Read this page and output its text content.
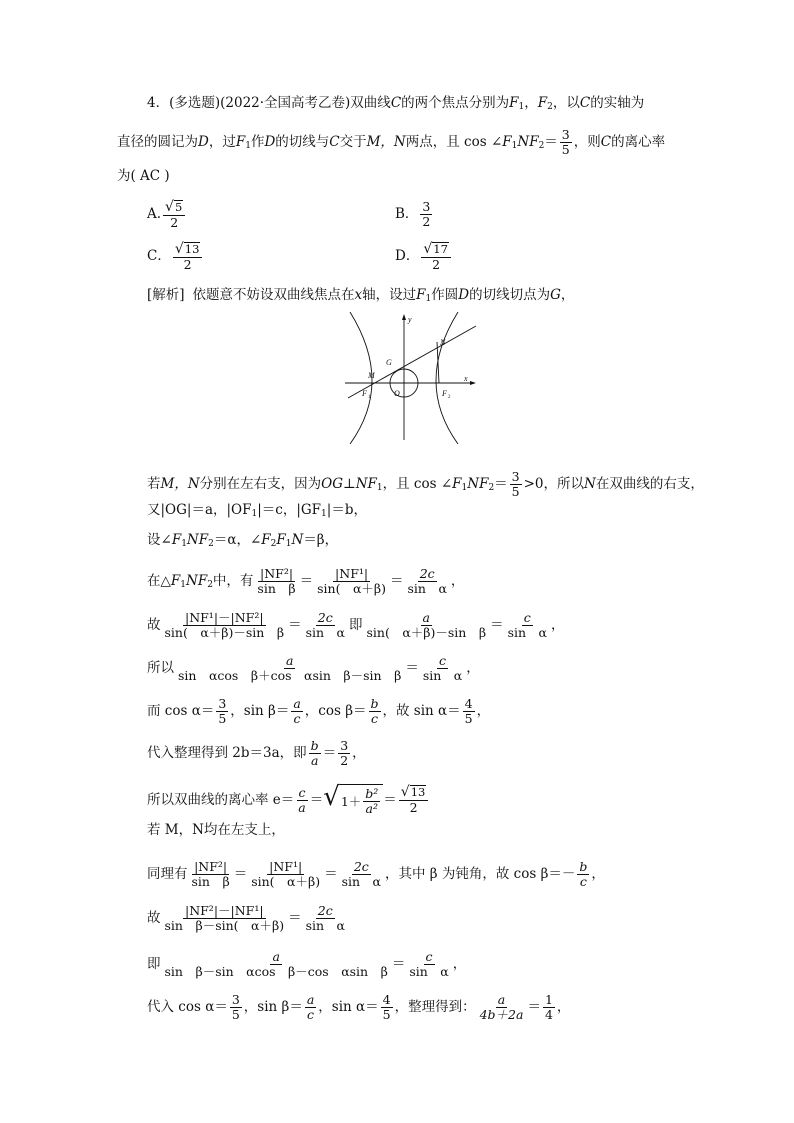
4．(多选题)(2022·全国高考乙卷)双曲线 C 的两个焦点分别为 F 1 ， F 2 ，以 C 的实轴为
直径的圆记为 D ，过 F 1 作 D 的切线与 C 交于 M，N 两点，且 cos ∠ F 1 NF $2 = \frac{3}{5}$ ，则 C 的离心率
为( AC )
A. $\frac{√ 5}{2}$	B． $\frac{3}{2}$
C． $\frac{√ 13}{2}$	D． $\frac{√ 17}{2}$
[解析] 依题意不妨设双曲线焦点在 x 轴，设过 F 1 作圆 D 的切线切点为 G ，
y
x
G
N
M
O
F 1	F 2
若 M，N 分别在左右支，因为 OG ⊥ NF 1 ，且 cos ∠ F 1 NF $2 = \frac{3}{5} >0$，所以 N 在双曲线的右支，
又|OG|＝a，|OF 1 |＝c，|GF 1 |＝b，
设∠ F 1 NF 2 ＝α，∠ F 2 F 1 N ＝β，
在△ F 1 NF 2 中，有 $\frac{\text{|NF²|}}{\text{sin　β}} = \frac{\text{|NF¹|}}{\sin( \alpha+\beta)} = \frac{2c}{\text{sin　α}}$ ，
故 $\frac{\text{|NF¹|－|NF²|}}{\text{sin(　α＋β)－sin　β}} = \frac{2c}{\text{sin　α}}$ 即 $\frac{a}{\text{sin(　α＋β)－sin　β}} = \frac{c}{\text{sin　α}}$ ，
所以 $\frac{a}{\text{sin　αcos　β＋cos　αsin　β－sin　β}} = \frac{c}{\text{sin　α}}$ ，
而 $\cos \alpha= \frac{3}{5}$ ，$\sin \beta= \frac{a}{c}$ ，$\cos \beta= \frac{b}{c}$ ，故 $\sin \alpha= \frac{4}{5}$ ，
代入整理得到 2b＝3a，即 $\frac{b}{a} = \frac{3}{2}$ ，
所以双曲线的离心率 $e= \frac{c}{a}$ ＝ √ $1+ \frac{\text{b²}}{\text{a²}} = \frac{√ 13}{2}$
若 M，N均在左支上，
同理有 $\frac{\text{|NF²|}}{\text{sin　β}} = \frac{\text{|NF¹|}}{\sin( \alpha+\beta)} = \frac{2c}{\text{sin　α}}$ ，其中 β 为钝角，故 $\cos \beta=- \frac{b}{c}$ ，
故 $\frac{\text{|NF²|－|NF¹|}}{\text{sin　β－sin(　α＋β)}} = \frac{2c}{\text{sin　α}}$
即 $\frac{a}{\text{sin　β－sin　αcos　β－cos　αsin　β}} = \frac{c}{\text{sin　α}}$ ，
代入 $\cos \alpha= \frac{3}{5}$ ，$\sin \beta= \frac{a}{c}$ ，$\sin \alpha= \frac{4}{5}$ ，整理得到： $\frac{a}{4b+2a} = \frac{1}{4}$ ，
